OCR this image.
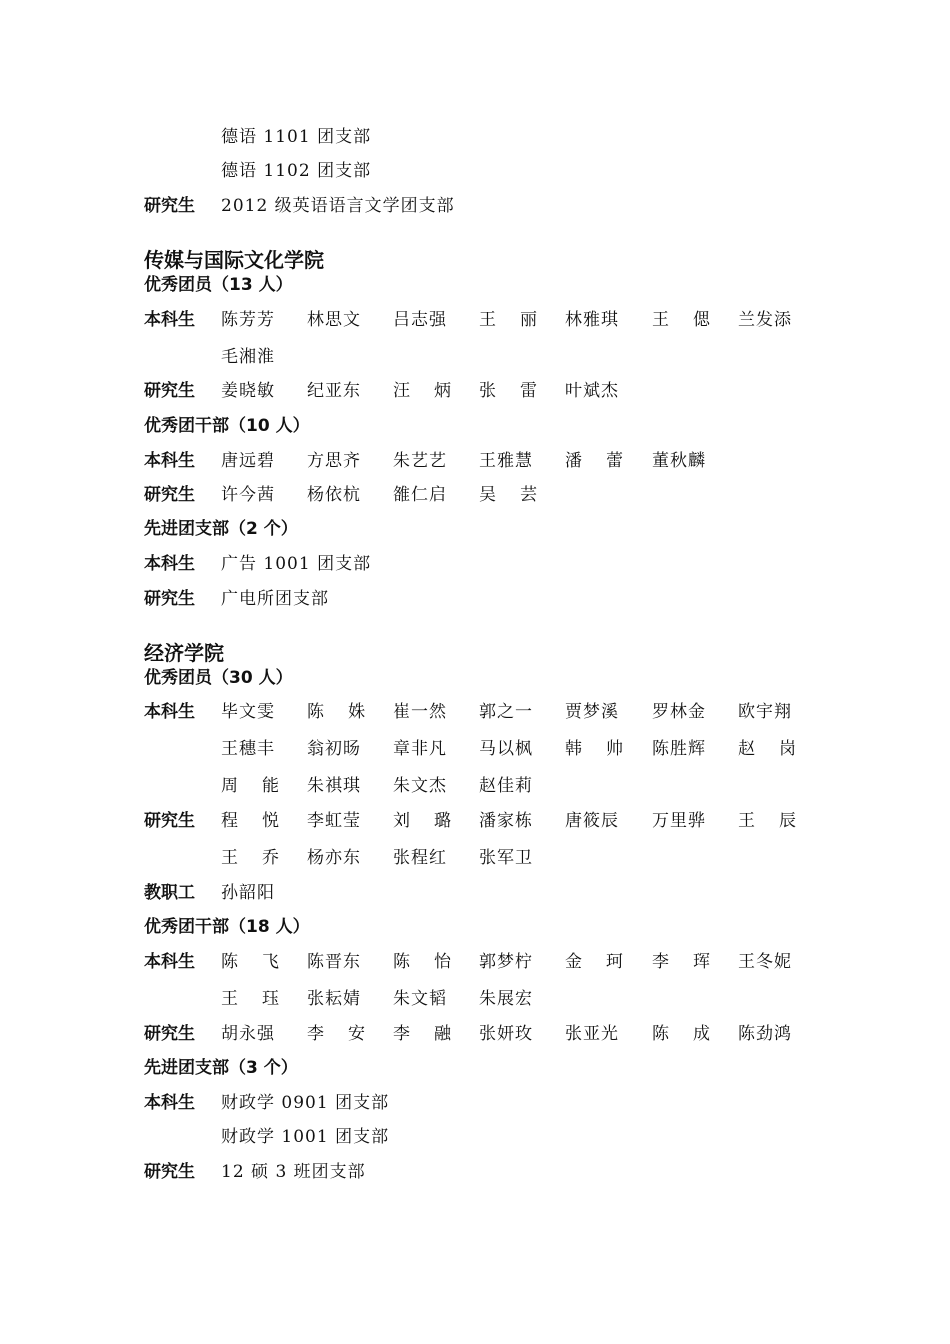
德语 1101 团支部
德语 1102 团支部
研究生	2012 级英语语言文学团支部
传媒与国际文化学院
优秀团员（13 人）
本科生	陈芳芳 林思文 吕志强 王丽 林雅琪 王偲 兰发添
毛湘淮
研究生	姜晓敏 纪亚东 汪炳 张雷 叶斌杰
优秀团干部（10 人）
本科生	唐远碧 方思齐 朱艺艺 王雅慧 潘蕾 董秋麟
研究生	许今茜 杨依杭 雒仁启 吴芸
先进团支部（2 个）
本科生	广告 1001 团支部
研究生	广电所团支部
经济学院
优秀团员（30 人）
本科生	毕文雯 陈姝 崔一然 郭之一 贾梦溪 罗林金 欧宇翔
王穗丰 翁初旸 章非凡 马以枫 韩帅 陈胜辉 赵岗
周能 朱祺琪 朱文杰 赵佳莉
研究生	程悦 李虹莹 刘璐 潘家栋 唐筱辰 万里骅 王辰
王乔 杨亦东 张程红 张军卫
教职工	孙韶阳
优秀团干部（18 人）
本科生	陈飞 陈晋东 陈怡 郭梦柠 金珂 李珲 王冬妮
王珏 张耘婧 朱文韬 朱展宏
研究生	胡永强 李安 李融 张妍玫 张亚光 陈成 陈劲鸿
先进团支部（3 个）
本科生	财政学 0901 团支部
财政学 1001 团支部
研究生	12 硕 3 班团支部
